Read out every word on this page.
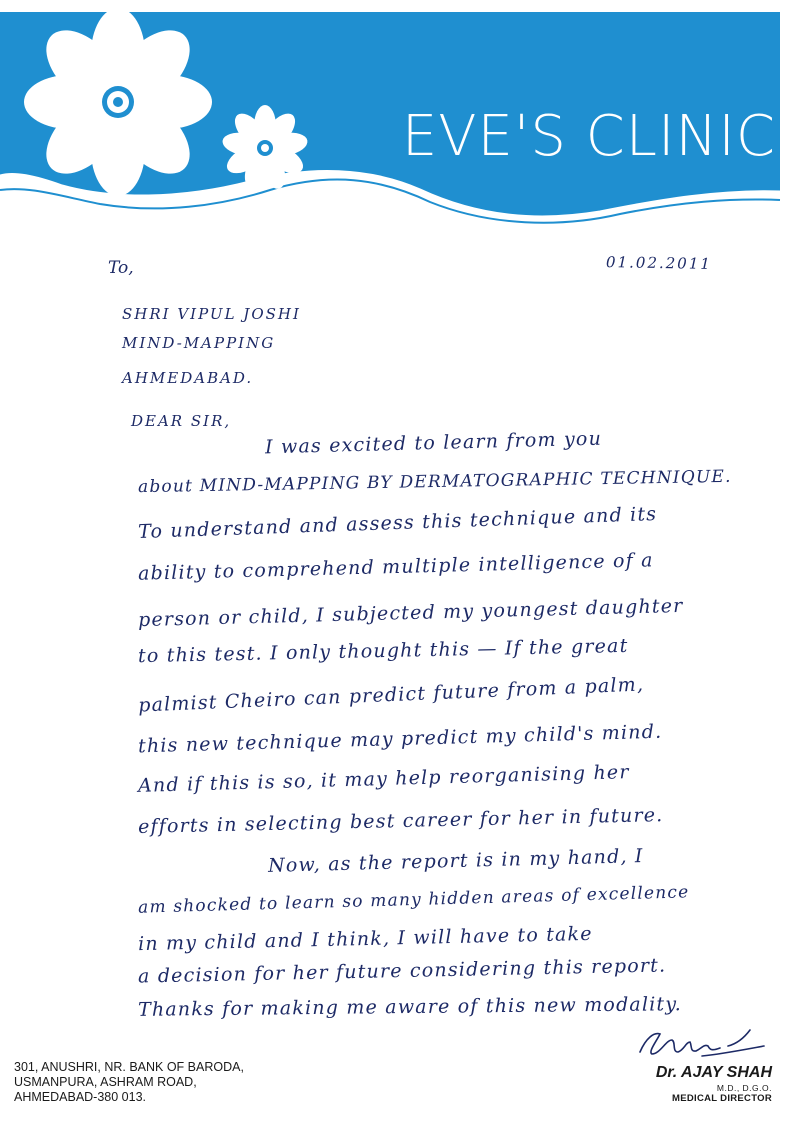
EVE'S CLINIC
01.02.2011
To,
SHRI VIPUL JOSHI
MIND-MAPPING
AHMEDABAD.
DEAR SIR,
I was excited to learn from you
about MIND-MAPPING BY DERMATOGRAPHIC TECHNIQUE.
To understand and assess this technique and its
ability to comprehend multiple intelligence of a
person or child, I subjected my youngest daughter
to this test. I only thought this — If the great
palmist Cheiro can predict future from a palm,
this new technique may predict my child's mind.
And if this is so, it may help reorganising her
efforts in selecting best career for her in future.
Now, as the report is in my hand, I
am shocked to learn so many hidden areas of excellence
in my child and I think, I will have to take
a decision for her future considering this report.
Thanks for making me aware of this new modality.
301, ANUSHRI, NR. BANK OF BARODA,
USMANPURA, ASHRAM ROAD,
AHMEDABAD-380 013.
Dr. AJAY SHAH
M.D., D.G.O.
MEDICAL DIRECTOR
